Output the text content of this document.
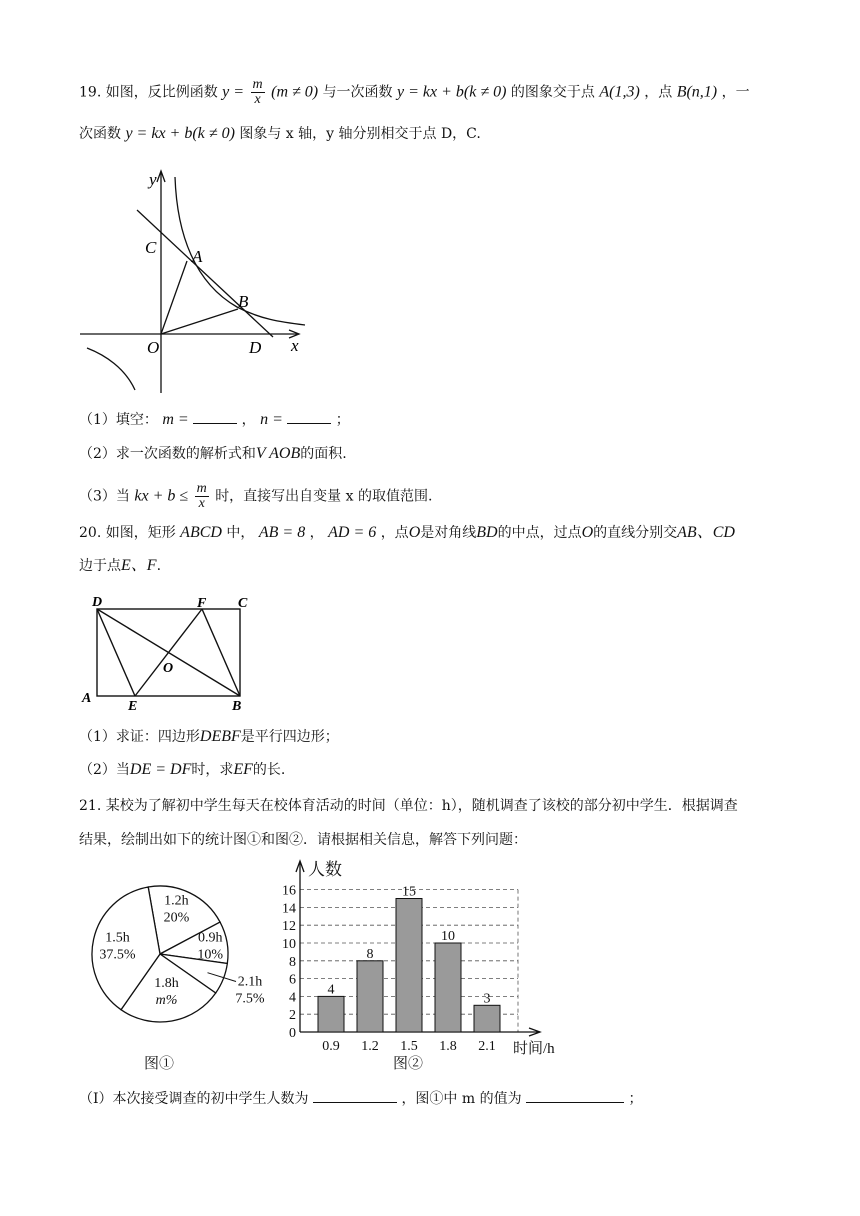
19. 如图，反比例函数 $y = \frac{m}{x} (m \ne 0)$ 与一次函数 y = kx + b(k ≠ 0) 的图象交于点 A(1,3) ，点 B(n,1) ，一
次函数 y = kx + b(k ≠ 0) 图象与 x 轴，y 轴分别相交于点 D，C.
y
x
C A
B
O	D
（1）填空： m =	， n =	；
（2）求一次函数的解析式和V AOB的面积.
（3）当 kx + $b \le \frac{m}{x}$ 时，直接写出自变量 x 的取值范围.
20. 如图，矩形 ABCD 中， AB = 8 ， AD = 6 ，点O是对角线BD的中点，过点O的直线分别交AB、CD
边于点E、F.
D	F C
O
A
E	B
（1）求证：四边形DEBF是平行四边形；
（2）当DE = DF时，求EF的长.
21. 某校为了解初中学生每天在校体育活动的时间（单位：h），随机调查了该校的部分初中学生．根据调查
结果，绘制出如下的统计图①和图②．请根据相关信息，解答下列问题：
1.2h
20%
0.9h
10%
2.1h
7.5%
1.8h
m%
1.5h
37.5%
图①
0
2
4
6
8
10
12
14
16
人数
时间/h
4
0.9
8
1.2
15
1.5
10
1.8
3
2.1
图②
（Ⅰ）本次接受调查的初中学生人数为	，图①中 m 的值为	；
